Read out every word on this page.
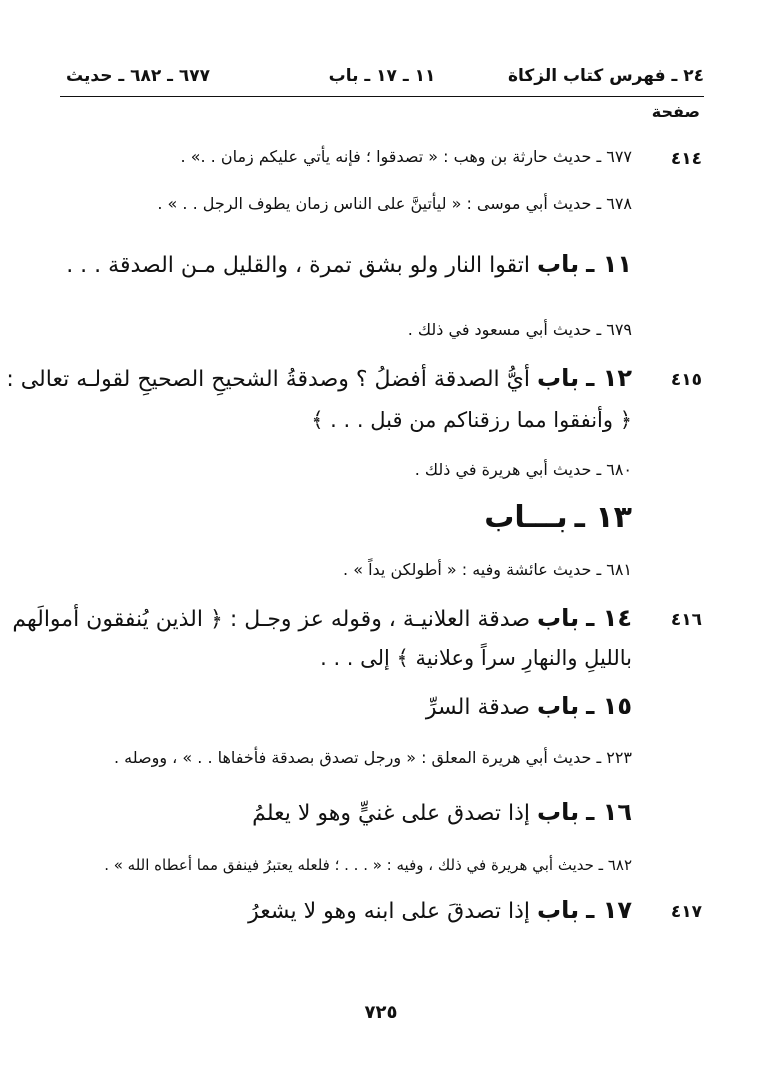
٢٤ ـ فهرس كتاب الزكاة
١١ ـ ١٧ ـ باب
٦٧٧ ـ ٦٨٢ ـ حديث
صفحة
٤١٤
٦٧٧ ـ حديث حارثة بن وهب : « تصدقوا ؛ فإنه يأتي عليكم زمان . .» .
٦٧٨ ـ حديث أبي موسى : « ليأتينَّ على الناس زمان يطوف الرجل . . » .
١١ ـ باب اتقوا النار ولو بشق تمرة ، والقليل مـن الصدقة . . .
٦٧٩ ـ حديث أبي مسعود في ذلك .
٤١٥
١٢ ـ باب أيُّ الصدقة أفضلُ ؟ وصدقةُ الشحيحِ الصحيحِ لقولـه تعالى :
﴿ وأنفقوا مما رزقناكم من قبل . . . ﴾
٦٨٠ ـ حديث أبي هريرة في ذلك .
١٣ ـ بـــاب
٦٨١ ـ حديث عائشة وفيه : « أطولكن يداً » .
٤١٦
١٤ ـ باب صدقة العلانيـة ، وقوله عز وجـل : ﴿ الذين يُنفقون أموالَهم
بالليلِ والنهارِ سراً وعلانية ﴾ إلى . . .
١٥ ـ باب صدقة السرِّ
٢٢٣ ـ حديث أبي هريرة المعلق : « ورجل تصدق بصدقة فأخفاها . . » ، ووصله .
١٦ ـ باب إذا تصدق على غنيٍّ وهو لا يعلمُ
٦٨٢ ـ حديث أبي هريرة في ذلك ، وفيه : « . . . ؛ فلعله يعتبرُ فينفق مما أعطاه الله » .
٤١٧
١٧ ـ باب إذا تصدقَ على ابنه وهو لا يشعرُ
٧٢٥
